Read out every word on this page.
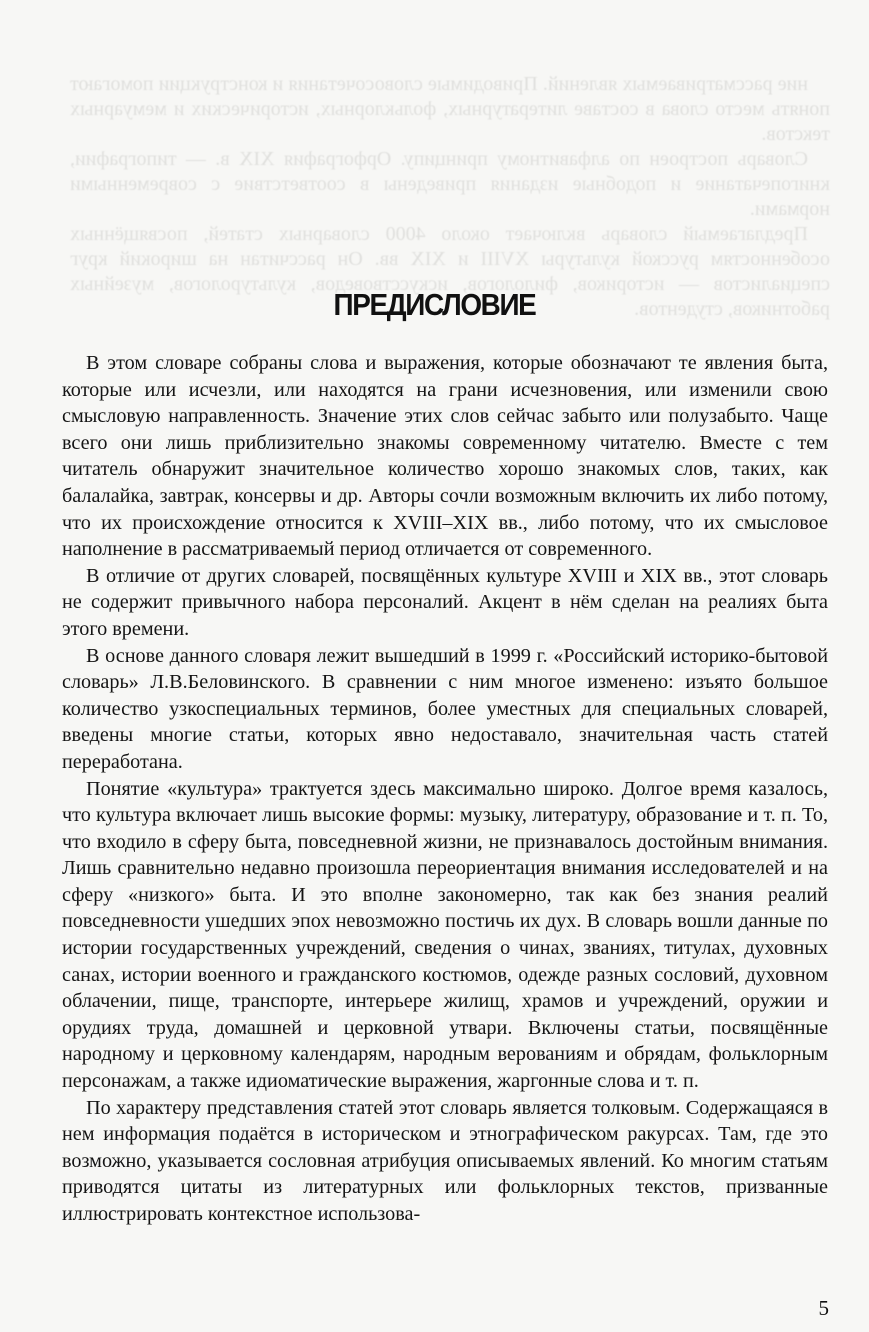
ние рассматриваемых явлений. Приводимые словосочетания и конструкции помогают понять место слова в составе литературных, фольклорных, исторических и мемуарных текстов.

Словарь построен по алфавитному принципу. Орфография XIX в. — типографии, книгопечатание и подобные издания приведены в соответствие с современными нормами.

Предлагаемый словарь включает около 4000 словарных статей, посвящённых особенностям русской культуры XVIII и XIX вв. Он рассчитан на широкий круг специалистов — историков, филологов, искусствоведов, культурологов, музейных работников, студентов.

ПРЕДИСЛОВИЕ

В этом словаре собраны слова и выражения, которые обозначают те явления быта, которые или исчезли, или находятся на грани исчезновения, или изменили свою смысловую направленность. Значение этих слов сейчас забыто или полузабыто. Чаще всего они лишь приблизительно знакомы современному читателю. Вместе с тем читатель обнаружит значительное количество хорошо знакомых слов, таких, как балалайка, завтрак, консервы и др. Авторы сочли возможным включить их либо потому, что их происхождение относится к XVIII–XIX вв., либо потому, что их смысловое наполнение в рассматриваемый период отличается от современного.

В отличие от других словарей, посвящённых культуре XVIII и XIX вв., этот словарь не содержит привычного набора персоналий. Акцент в нём сделан на реалиях быта этого времени.

В основе данного словаря лежит вышедший в 1999 г. «Российский историко-бытовой словарь» Л.В.Беловинского. В сравнении с ним многое изменено: изъято большое количество узкоспециальных терминов, более уместных для специальных словарей, введены многие статьи, которых явно недоставало, значительная часть статей переработана.

Понятие «культура» трактуется здесь максимально широко. Долгое время казалось, что культура включает лишь высокие формы: музыку, литературу, образование и т. п. То, что входило в сферу быта, повседневной жизни, не признавалось достойным внимания. Лишь сравнительно недавно произошла переориентация внимания исследователей и на сферу «низкого» быта. И это вполне закономерно, так как без знания реалий повседневности ушедших эпох невозможно постичь их дух. В словарь вошли данные по истории государственных учреждений, сведения о чинах, званиях, титулах, духовных санах, истории военного и гражданского костюмов, одежде разных сословий, духовном облачении, пище, транспорте, интерьере жилищ, храмов и учреждений, оружии и орудиях труда, домашней и церковной утвари. Включены статьи, посвящённые народному и церковному календарям, народным верованиям и обрядам, фольклорным персонажам, а также идиоматические выражения, жаргонные слова и т. п.

По характеру представления статей этот словарь является толковым. Содержащаяся в нем информация подаётся в историческом и этнографическом ракурсах. Там, где это возможно, указывается сословная атрибуция описываемых явлений. Ко многим статьям приводятся цитаты из литературных или фольклорных текстов, призванные иллюстрировать контекстное использова-

5
